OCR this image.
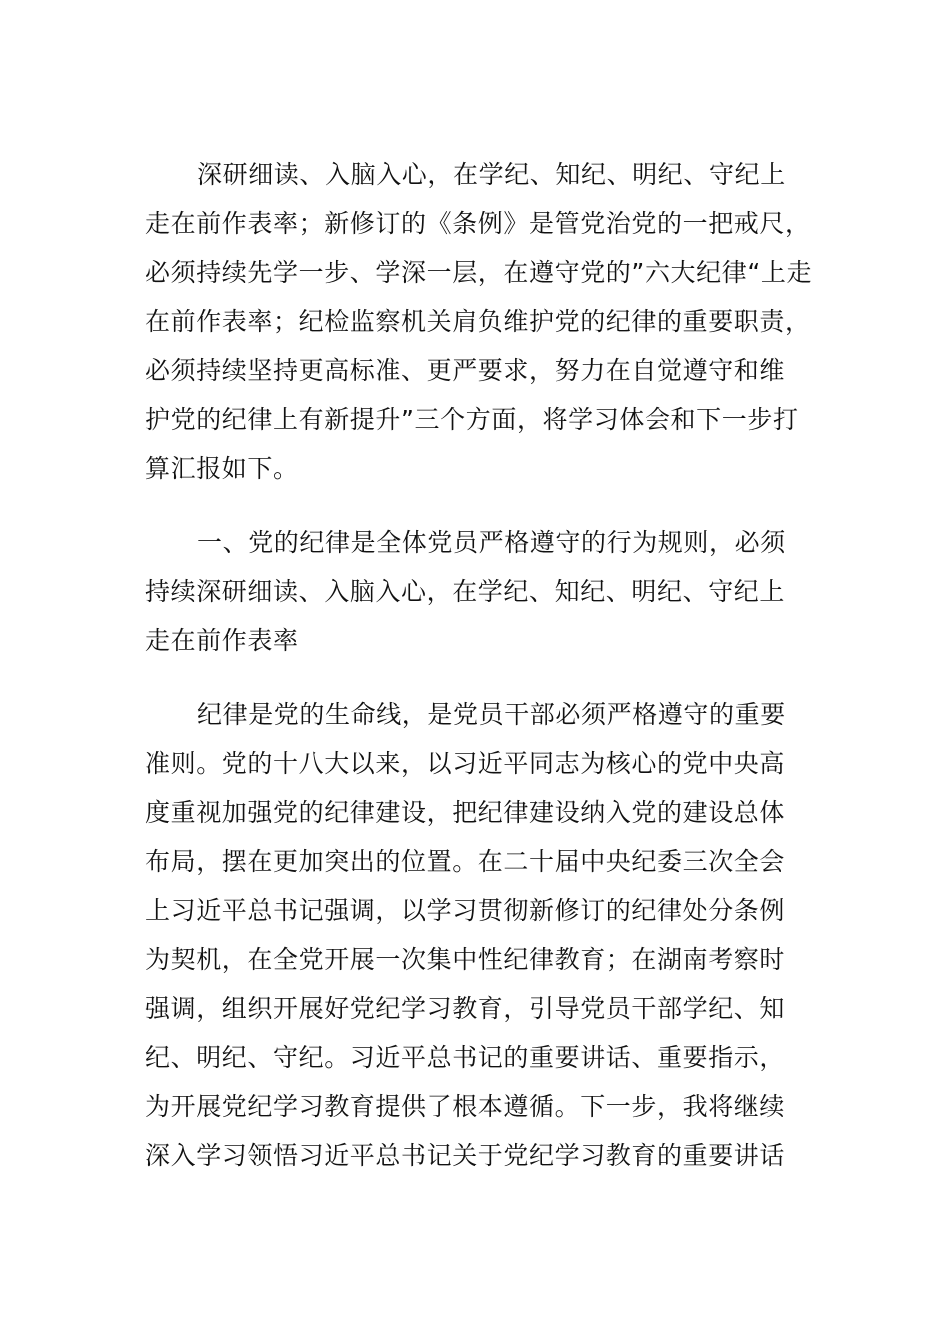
深研细读、入脑入心，在学纪、知纪、明纪、守纪上
走在前作表率；新修订的《条例》是管党治党的一把戒尺，
必须持续先学一步、学深一层，在遵守党的”六大纪律“上走
在前作表率；纪检监察机关肩负维护党的纪律的重要职责，
必须持续坚持更高标准、更严要求，努力在自觉遵守和维
护党的纪律上有新提升”三个方面，将学习体会和下一步打
算汇报如下。
一、党的纪律是全体党员严格遵守的行为规则，必须
持续深研细读、入脑入心，在学纪、知纪、明纪、守纪上
走在前作表率
纪律是党的生命线，是党员干部必须严格遵守的重要
准则。党的十八大以来，以习近平同志为核心的党中央高
度重视加强党的纪律建设，把纪律建设纳入党的建设总体
布局，摆在更加突出的位置。在二十届中央纪委三次全会
上习近平总书记强调，以学习贯彻新修订的纪律处分条例
为契机，在全党开展一次集中性纪律教育；在湖南考察时
强调，组织开展好党纪学习教育，引导党员干部学纪、知
纪、明纪、守纪。习近平总书记的重要讲话、重要指示，
为开展党纪学习教育提供了根本遵循。下一步，我将继续
深入学习领悟习近平总书记关于党纪学习教育的重要讲话
